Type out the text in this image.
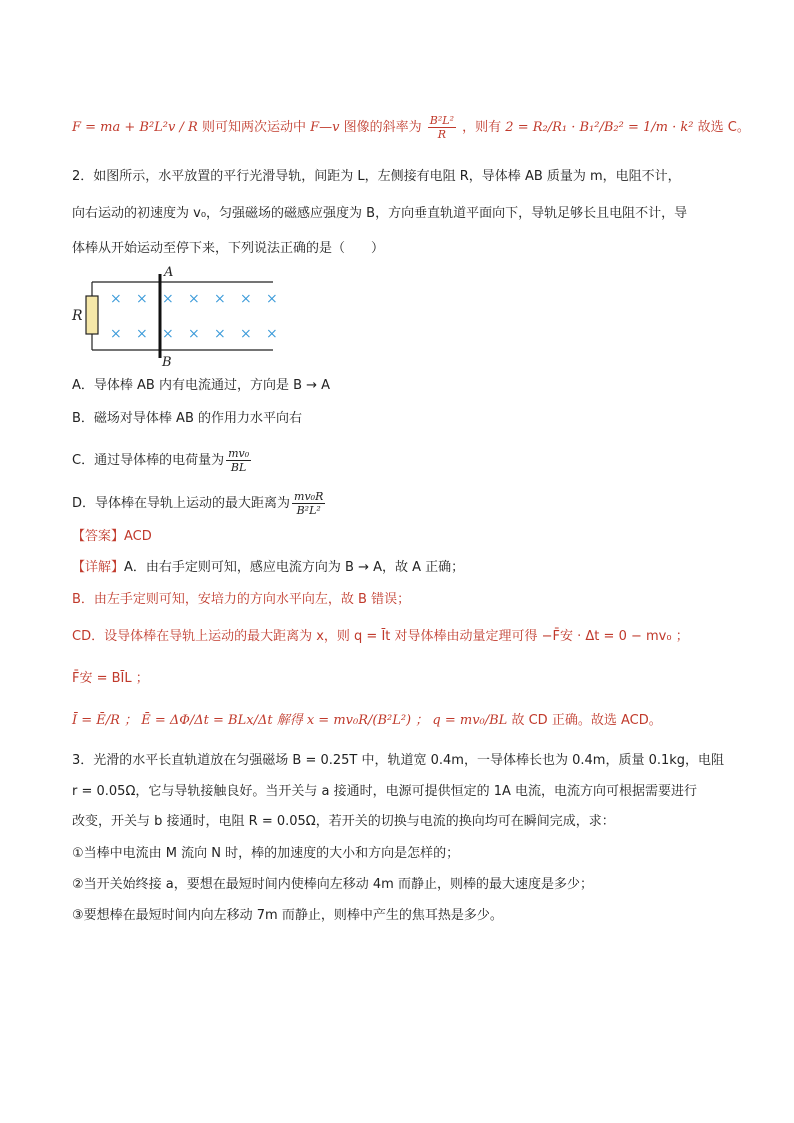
F = ma + B²L²v / R 则可知两次运动中 F—v 图像的斜率为 $\frac{\text{B²L²}}{R}$ ，则有 2 = R₂/R₁ · B₁²/B₂² = 1/m · k² 故选 C。
2．如图所示，水平放置的平行光滑导轨，间距为 L，左侧接有电阻 R，导体棒 AB 质量为 m，电阻不计，
向右运动的初速度为 v₀，匀强磁场的磁感应强度为 B，方向垂直轨道平面向下，导轨足够长且电阻不计，导
体棒从开始运动至停下来，下列说法正确的是（　　）
R
A
B
× × × × × × ×
× × × × × × ×
A．导体棒 AB 内有电流通过，方向是 B → A
B．磁场对导体棒 AB 的作用力水平向右
C．通过导体棒的电荷量为 $\frac{\text{mv₀}}{BL}$
D．导体棒在导轨上运动的最大距离为 $\frac{\text{mv₀R}}{\text{B²L²}}$
【答案】ACD
【详解】A．由右手定则可知，感应电流方向为 B → A，故 A 正确；
B．由左手定则可知，安培力的方向水平向左，故 B 错误；
CD．设导体棒在导轨上运动的最大距离为 x，则 q = Īt 对导体棒由动量定理可得 −F̄安 · Δt = 0 − mv₀ ；
F̄安 = BĪL ；
Ī = Ē/R ； Ē = ΔΦ/Δt = BLx/Δt 解得 x = mv₀R/(B²L²) ； q = mv₀/BL 故 CD 正确。故选 ACD。
3．光滑的水平长直轨道放在匀强磁场 B = 0.25T 中，轨道宽 0.4m，一导体棒长也为 0.4m，质量 0.1kg，电阻
r = 0.05Ω，它与导轨接触良好。当开关与 a 接通时，电源可提供恒定的 1A 电流，电流方向可根据需要进行
改变，开关与 b 接通时，电阻 R = 0.05Ω，若开关的切换与电流的换向均可在瞬间完成，求：
①当棒中电流由 M 流向 N 时，棒的加速度的大小和方向是怎样的；
②当开关始终接 a，要想在最短时间内使棒向左移动 4m 而静止，则棒的最大速度是多少；
③要想棒在最短时间内向左移动 7m 而静止，则棒中产生的焦耳热是多少。
